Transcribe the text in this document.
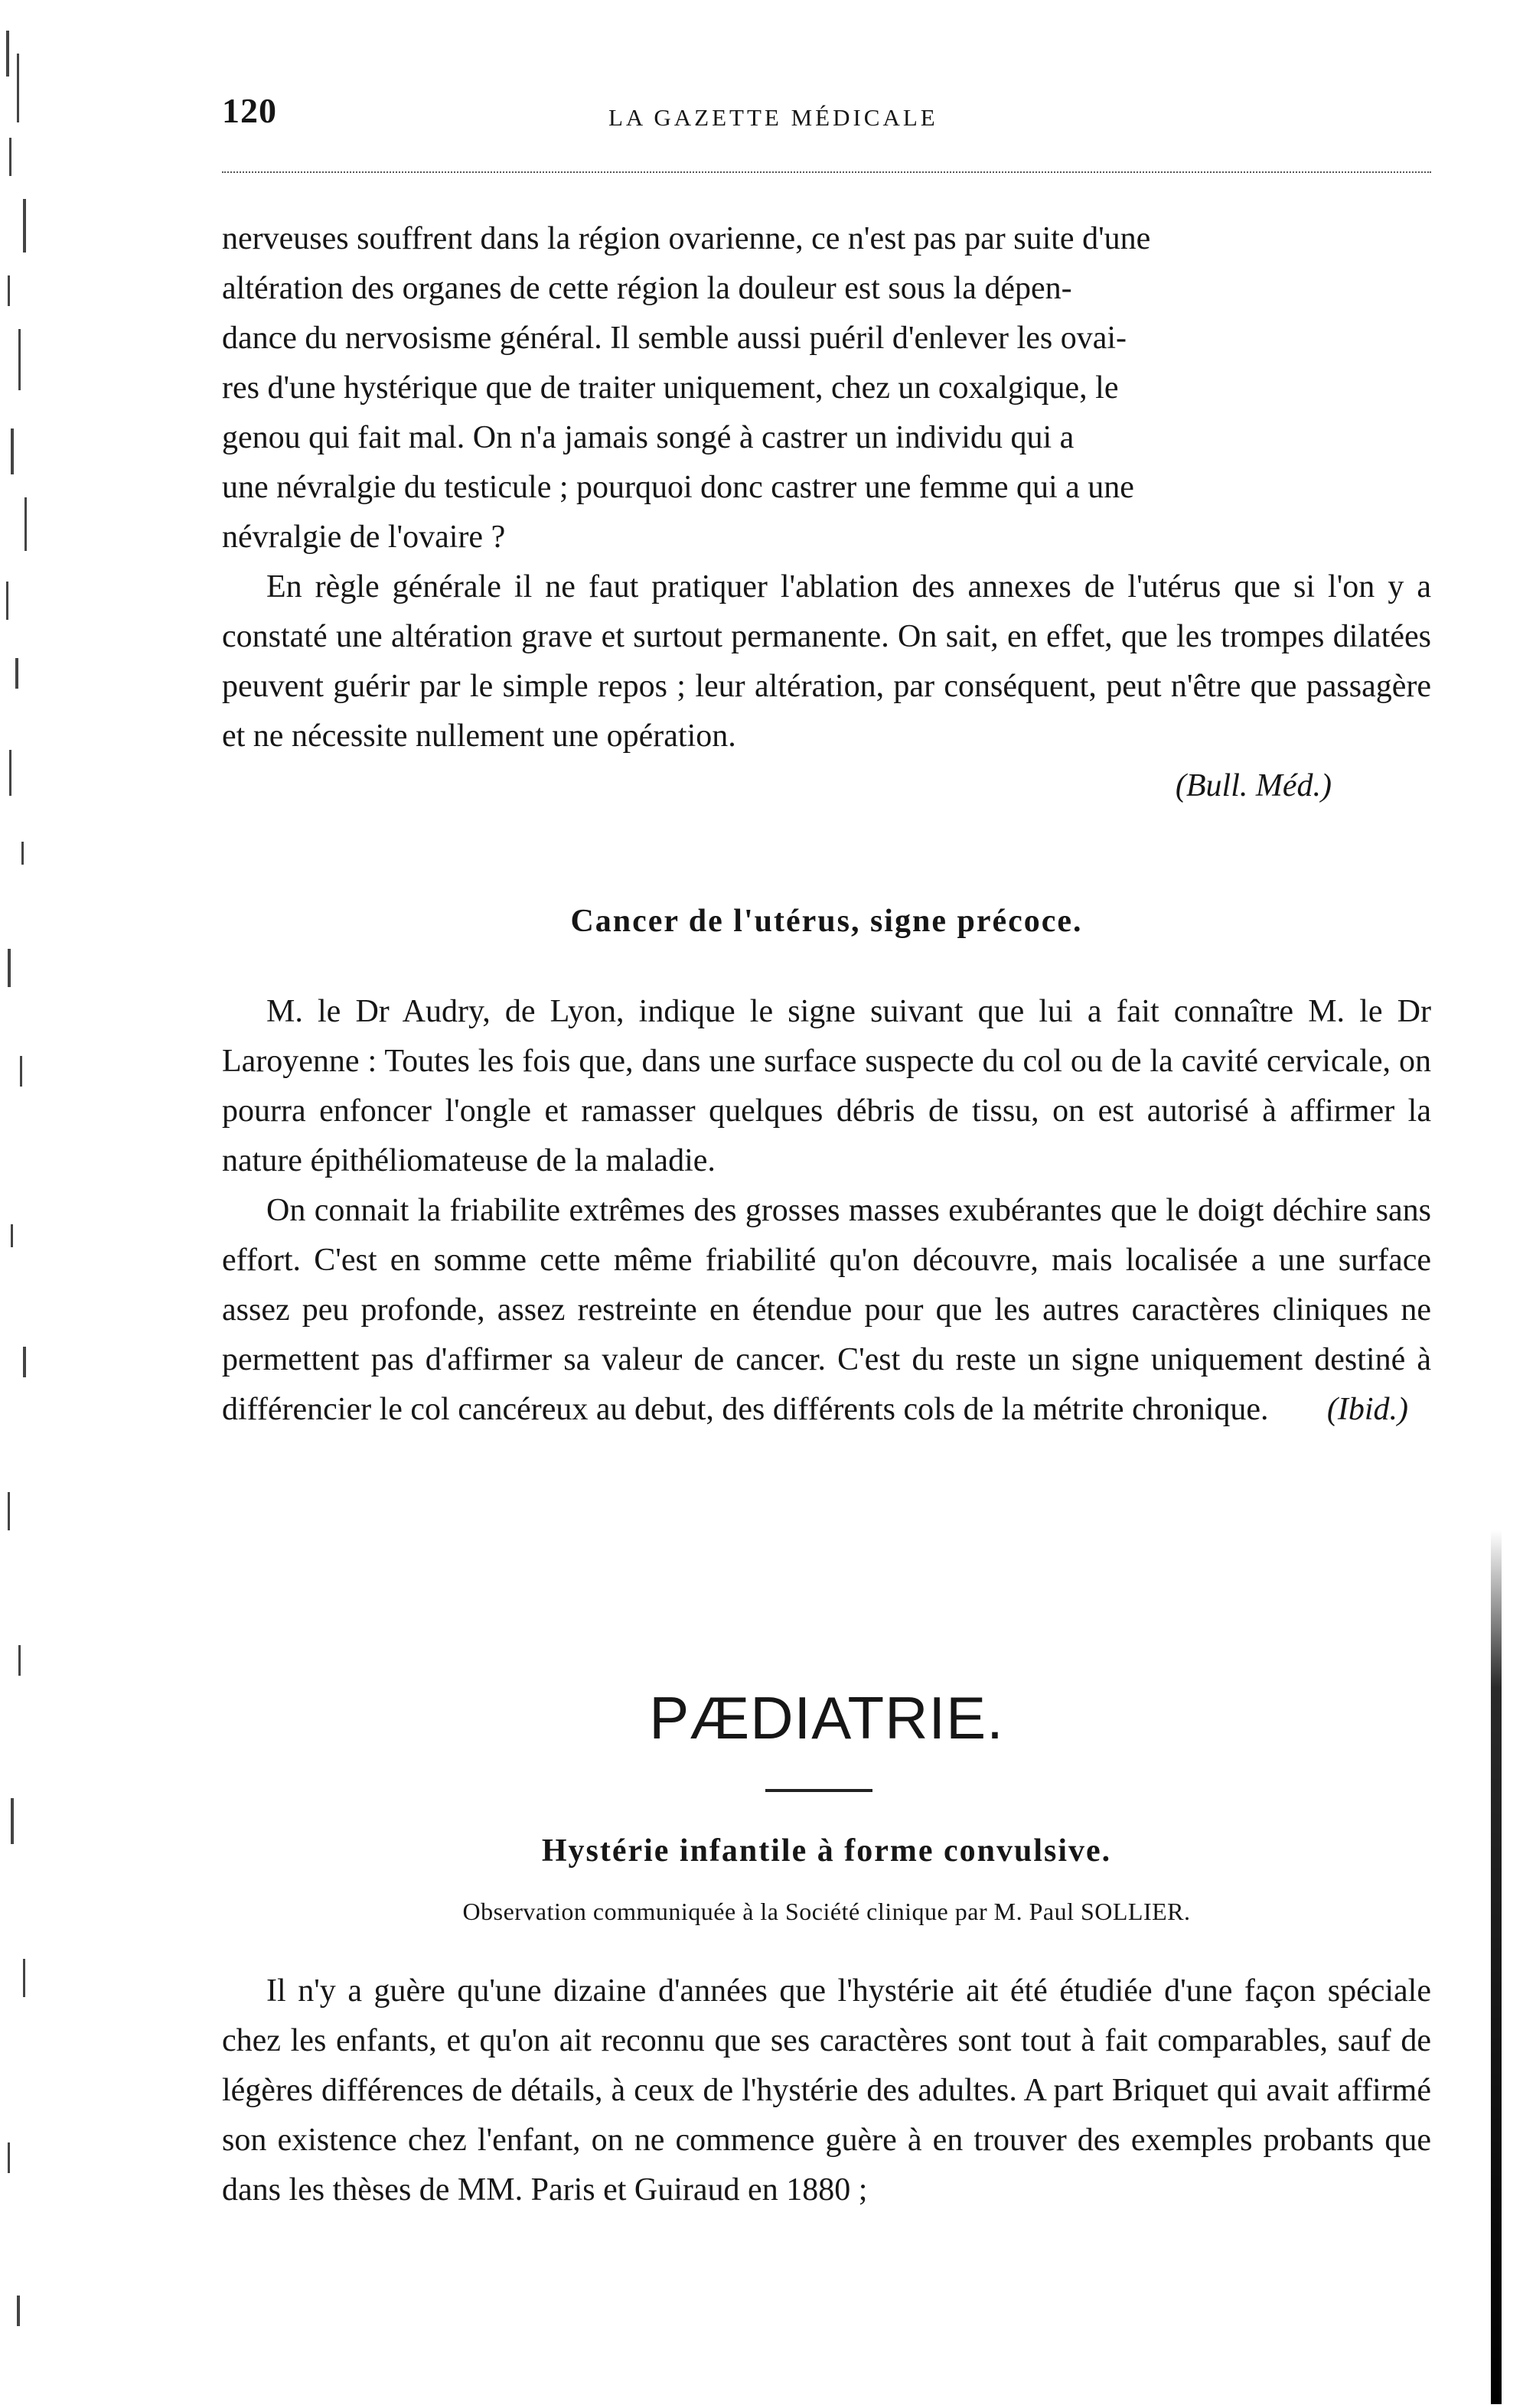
120	LA GAZETTE MÉDICALE

nerveuses souffrent dans la région ovarienne, ce n'est pas par suite d'une

altération des organes de cette région la douleur est sous la dépen-

dance du nervosisme général. Il semble aussi puéril d'enlever les ovai-

res d'une hystérique que de traiter uniquement, chez un coxalgique, le

genou qui fait mal. On n'a jamais songé à castrer un individu qui a

une névralgie du testicule ; pourquoi donc castrer une femme qui a une

névralgie de l'ovaire ?

En règle générale il ne faut pratiquer l'ablation des annexes de l'utérus que si l'on y a constaté une altération grave et surtout permanente. On sait, en effet, que les trompes dilatées peuvent guérir par le simple repos ; leur altération, par conséquent, peut n'être que passagère et ne nécessite nullement une opération.

(Bull. Méd.)
Cancer de l'utérus, signe précoce.

M. le Dr Audry, de Lyon, indique le signe suivant que lui a fait connaître M. le Dr Laroyenne : Toutes les fois que, dans une surface suspecte du col ou de la cavité cervicale, on pourra enfoncer l'ongle et ramasser quelques débris de tissu, on est autorisé à affirmer la nature épithéliomateuse de la maladie.

On connait la friabilite extrêmes des grosses masses exubérantes que le doigt déchire sans effort. C'est en somme cette même friabilité qu'on découvre, mais localisée a une surface assez peu profonde, assez restreinte en étendue pour que les autres caractères cliniques ne permettent pas d'affirmer sa valeur de cancer. C'est du reste un signe uniquement destiné à différencier le col cancéreux au debut, des différents cols de la métrite chronique.	(Ibid.)

PÆDIATRIE.
Hystérie infantile à forme convulsive.
Observation communiquée à la Société clinique par M. Paul SOLLIER.

Il n'y a guère qu'une dizaine d'années que l'hystérie ait été étudiée d'une façon spéciale chez les enfants, et qu'on ait reconnu que ses caractères sont tout à fait comparables, sauf de légères différences de détails, à ceux de l'hystérie des adultes. A part Briquet qui avait affirmé son existence chez l'enfant, on ne commence guère à en trouver des exemples probants que dans les thèses de MM. Paris et Guiraud en 1880 ;
